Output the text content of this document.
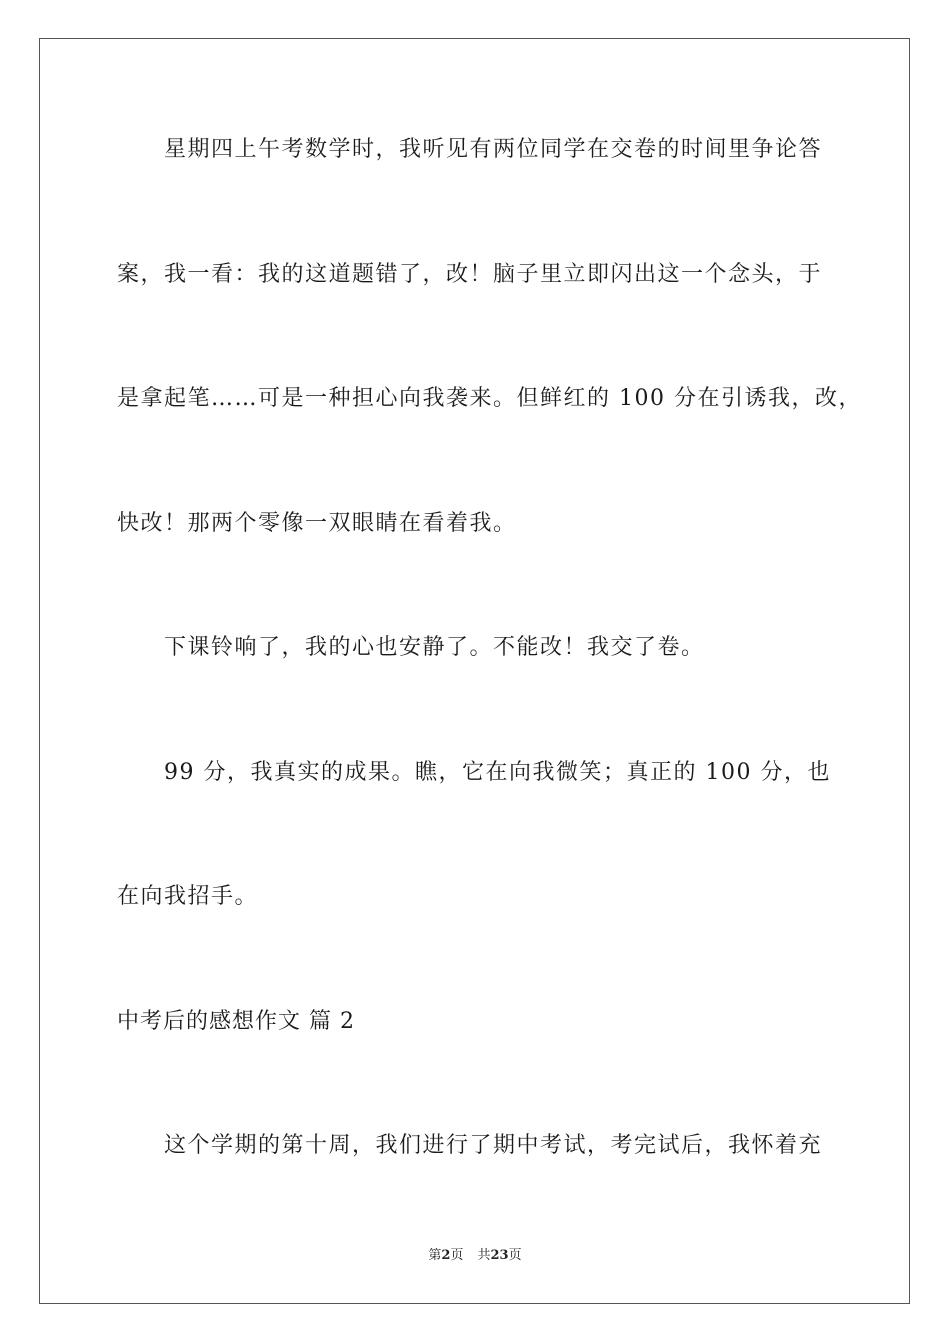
星期四上午考数学时，我听见有两位同学在交卷的时间里争论答
案，我一看：我的这道题错了，改！脑子里立即闪出这一个念头，于
是拿起笔……可是一种担心向我袭来。但鲜红的 100 分在引诱我，改，
快改！那两个零像一双眼睛在看着我。
下课铃响了，我的心也安静了。不能改！我交了卷。
99 分，我真实的成果。瞧，它在向我微笑；真正的 100 分，也
在向我招手。
中考后的感想作文 篇 2
这个学期的第十周，我们进行了期中考试，考完试后，我怀着充
第2页 共23页
